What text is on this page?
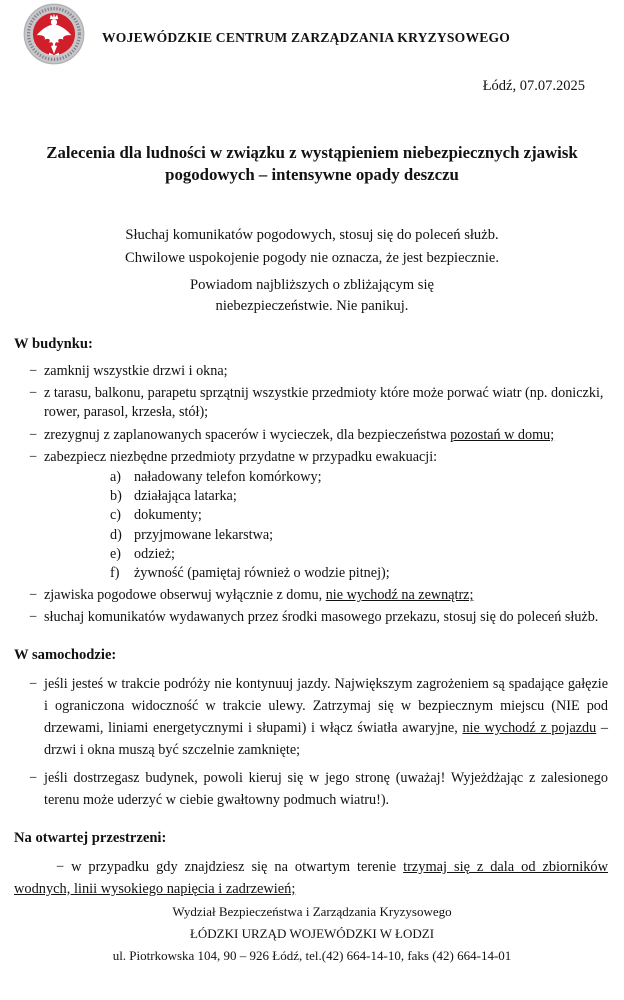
WOJEWÓDZKIE CENTRUM ZARZĄDZANIA KRYZYSOWEGO
Łódź, 07.07.2025
Zalecenia dla ludności w związku z wystąpieniem niebezpiecznych zjawisk
pogodowych – intensywne opady deszczu
Słuchaj komunikatów pogodowych, stosuj się do poleceń służb.
Chwilowe uspokojenie pogody nie oznacza, że jest bezpiecznie.
Powiadom najbliższych o zbliżającym się
niebezpieczeństwie. Nie panikuj.
W budynku:
− zamknij wszystkie drzwi i okna;
− z tarasu, balkonu, parapetu sprzątnij wszystkie przedmioty które może porwać wiatr (np. doniczki, rower, parasol, krzesła, stół);
− zrezygnuj z zaplanowanych spacerów i wycieczek, dla bezpieczeństwa pozostań w domu;
− zabezpiecz niezbędne przedmioty przydatne w przypadku ewakuacji:
a) naładowany telefon komórkowy;
b) działająca latarka;
c) dokumenty;
d) przyjmowane lekarstwa;
e) odzież;
f)	żywność (pamiętaj również o wodzie pitnej);
− zjawiska pogodowe obserwuj wyłącznie z domu, nie wychodź na zewnątrz;
− słuchaj komunikatów wydawanych przez środki masowego przekazu, stosuj się do poleceń służb.
W samochodzie:
− jeśli jesteś w trakcie podróży nie kontynuuj jazdy. Największym zagrożeniem są spadające gałęzie i ograniczona widoczność w trakcie ulewy. Zatrzymaj się w bezpiecznym miejscu (NIE pod drzewami, liniami energetycznymi i słupami) i włącz światła awaryjne, nie wychodź z pojazdu – drzwi i okna muszą być szczelnie zamknięte;
− jeśli dostrzegasz budynek, powoli kieruj się w jego stronę (uważaj! Wyjeżdżając z zalesionego terenu może uderzyć w ciebie gwałtowny podmuch wiatru!).
Na otwartej przestrzeni:
− w przypadku gdy znajdziesz się na otwartym terenie trzymaj się z dala od zbiorników wodnych, linii wysokiego napięcia i zadrzewień;
Wydział Bezpieczeństwa i Zarządzania Kryzysowego
ŁÓDZKI URZĄD WOJEWÓDZKI W ŁODZI
ul. Piotrkowska 104, 90 – 926 Łódź, tel.(42) 664-14-10, faks (42) 664-14-01
